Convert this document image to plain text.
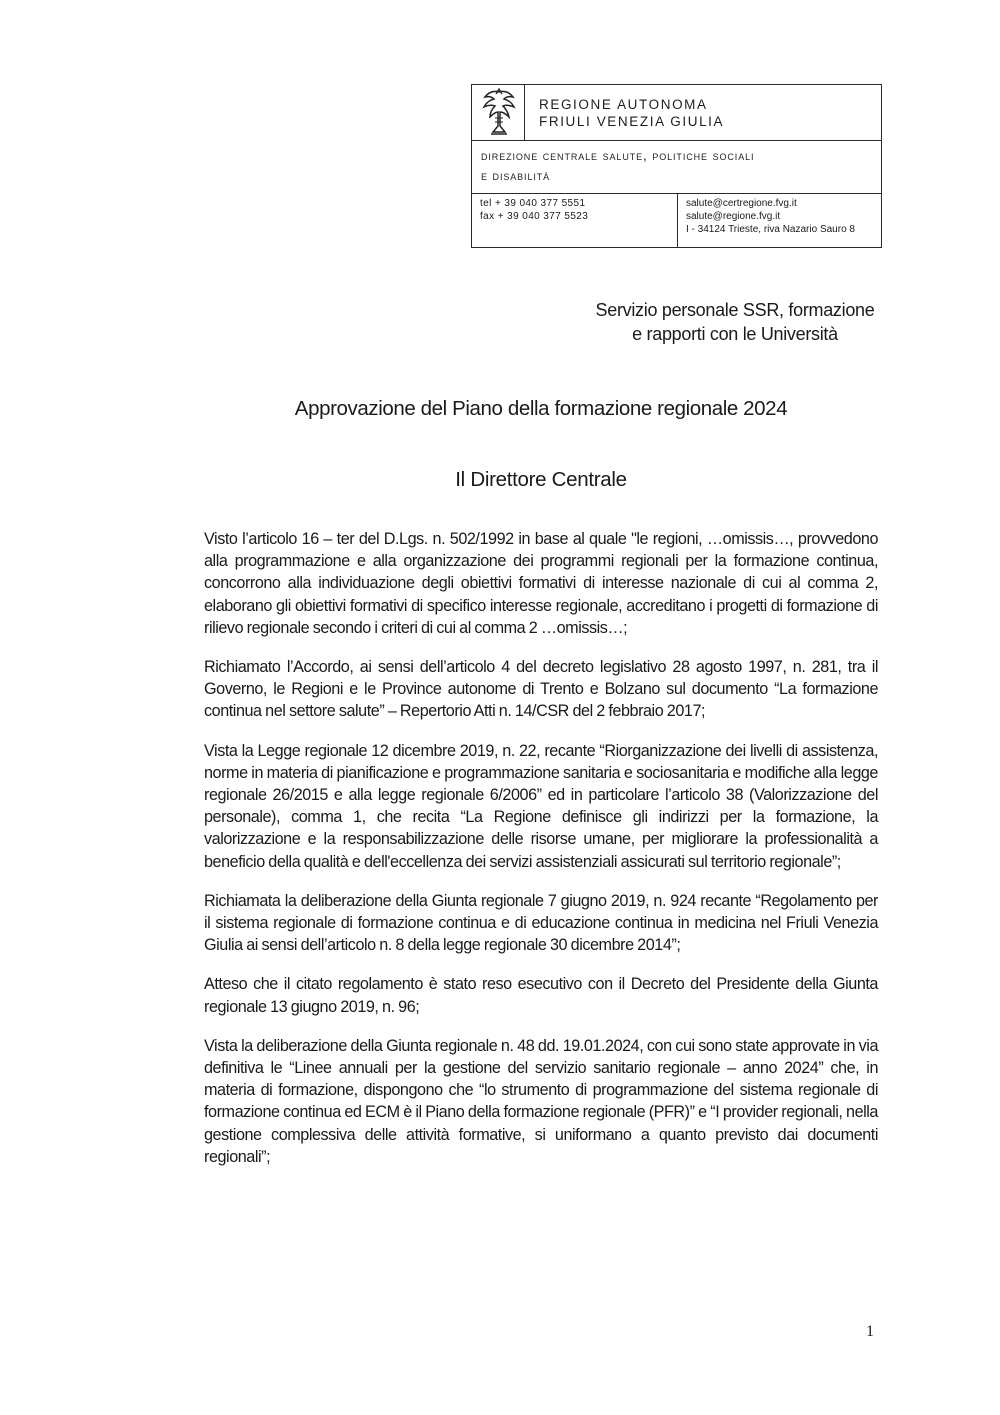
REGIONE AUTONOMA
FRIULI VENEZIA GIULIA
direzione centrale salute, politiche sociali
e disabilità
tel + 39 040 377 5551
fax + 39 040 377 5523
salute@certregione.fvg.it
salute@regione.fvg.it
I - 34124 Trieste, riva Nazario Sauro 8
Servizio personale SSR, formazione
e rapporti con le Università
Approvazione del Piano della formazione regionale 2024
Il Direttore Centrale

Visto l’articolo 16 – ter del D.Lgs. n. 502/1992 in base al quale "le regioni, …omissis…, provvedono alla programmazione e alla organizzazione dei programmi regionali per la formazione continua, concorrono alla individuazione degli obiettivi formativi di interesse nazionale di cui al comma 2, elaborano gli obiettivi formativi di specifico interesse regionale, accreditano i progetti di formazione di rilievo regionale secondo i criteri di cui al comma 2 …omissis…;

Richiamato l’Accordo, ai sensi dell’articolo 4 del decreto legislativo 28 agosto 1997, n. 281, tra il Governo, le Regioni e le Province autonome di Trento e Bolzano sul documento “La formazione continua nel settore salute” – Repertorio Atti n. 14/CSR del 2 febbraio 2017;

Vista la Legge regionale 12 dicembre 2019, n. 22, recante “Riorganizzazione dei livelli di assistenza, norme in materia di pianificazione e programmazione sanitaria e sociosanitaria e modifiche alla legge regionale 26/2015 e alla legge regionale 6/2006” ed in particolare l’articolo 38 (Valorizzazione del personale), comma 1, che recita “La Regione definisce gli indirizzi per la formazione, la valorizzazione e la responsabilizzazione delle risorse umane, per migliorare la professionalità a beneficio della qualità e dell'eccellenza dei servizi assistenziali assicurati sul territorio regionale”;

Richiamata la deliberazione della Giunta regionale 7 giugno 2019, n. 924 recante “Regolamento per il sistema regionale di formazione continua e di educazione continua in medicina nel Friuli Venezia Giulia ai sensi dell’articolo n. 8 della legge regionale 30 dicembre 2014”;

Atteso che il citato regolamento è stato reso esecutivo con il Decreto del Presidente della Giunta regionale 13 giugno 2019, n. 96;

Vista la deliberazione della Giunta regionale n. 48 dd. 19.01.2024, con cui sono state approvate in via definitiva le “Linee annuali per la gestione del servizio sanitario regionale – anno 2024” che, in materia di formazione, dispongono che “lo strumento di programmazione del sistema regionale di formazione continua ed ECM è il Piano della formazione regionale (PFR)” e “I provider regionali, nella gestione complessiva delle attività formative, si uniformano a quanto previsto dai documenti regionali”;

1
